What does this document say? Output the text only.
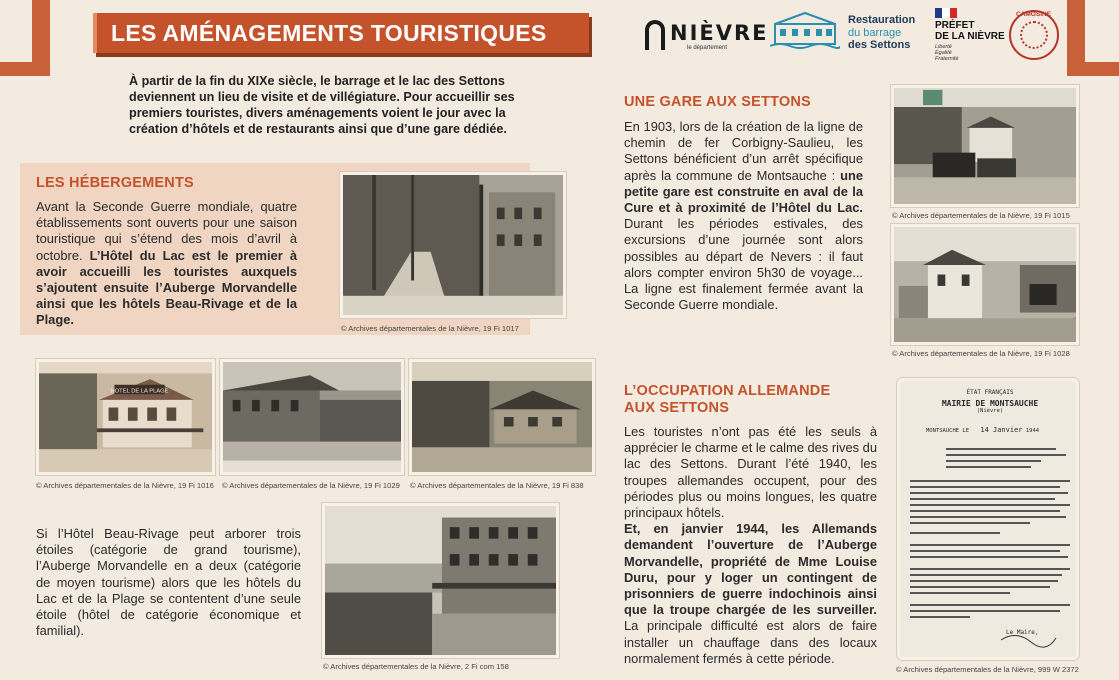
LES AMÉNAGEMENTS TOURISTIQUES	NIÈVRE
le département
Restauration
du barrage
des Settons
PRÉFET
DE LA NIÈVRE
Liberté
Égalité
Fraternité
CAMOSINE
À partir de la fin du XIXe siècle, le barrage et le lac des Settons deviennent un lieu de visite et de villégiature. Pour accueillir ses premiers touristes, divers aménagements voient le jour avec la création d’hôtels et de restaurants ainsi que d’une gare dédiée.
LES HÉBERGEMENTS
Avant la Seconde Guerre mondiale, quatre établissements sont ouverts pour une saison touristique qui s’étend des mois d’avril à octobre. L’Hôtel du Lac est le premier à avoir accueilli les touristes auxquels s’ajoutent ensuite l’Auberge Morvandelle ainsi que les hôtels Beau-Rivage et de la Plage.
© Archives départementales de la Nièvre, 19 Fi 1017
HOTEL DE LA PLAGE
© Archives départementales de la Nièvre, 19 Fi 1016 © Archives départementales de la Nièvre, 19 Fi 1029 © Archives départementales de la Nièvre, 19 Fi 838
Si l’Hôtel Beau-Rivage peut arborer trois étoiles (catégorie de grand tourisme), l’Auberge Morvandelle en a deux (catégorie de moyen tourisme) alors que les hôtels du Lac et de la Plage se contentent d’une seule étoile (hôtel de catégorie économique et familial).
© Archives départementales de la Nièvre, 2 Fi com 158
UNE GARE AUX SETTONS
En 1903, lors de la création de la ligne de chemin de fer Corbigny-Saulieu, les Settons bénéficient d’un arrêt spécifique après la commune de Montsauche : une petite gare est construite en aval de la Cure et à proximité de l’Hôtel du Lac. Durant les périodes estivales, des excursions d’une journée sont alors possibles au départ de Nevers : il faut alors compter environ 5h30 de voyage... La ligne est finalement fermée avant la Seconde Guerre mondiale.
© Archives départementales de la Nièvre, 19 Fi 1015
© Archives départementales de la Nièvre, 19 Fi 1028
L’OCCUPATION ALLEMANDE
AUX SETTONS
Les touristes n’ont pas été les seuls à apprécier le charme et le calme des rives du lac des Settons. Durant l’été 1940, les troupes allemandes occupent, pour des périodes plus ou moins longues, les quatre principaux hôtels.
Et, en janvier 1944, les Allemands demandent l’ouverture de l’Auberge Morvandelle, propriété de Mme Louise Duru, pour y loger un contingent de prisonniers de guerre indochinois ainsi que la troupe chargée de les surveiller. La principale difficulté est alors de faire installer un chauffage dans des locaux normalement fermés à cette période.
ÉTAT FRANÇAIS
MAIRIE DE MONTSAUCHE
(Nièvre)
MONTSAUCHE LE 14 Janvier 1944
Le Maire,
© Archives départementales de la Nièvre, 999 W 2372
